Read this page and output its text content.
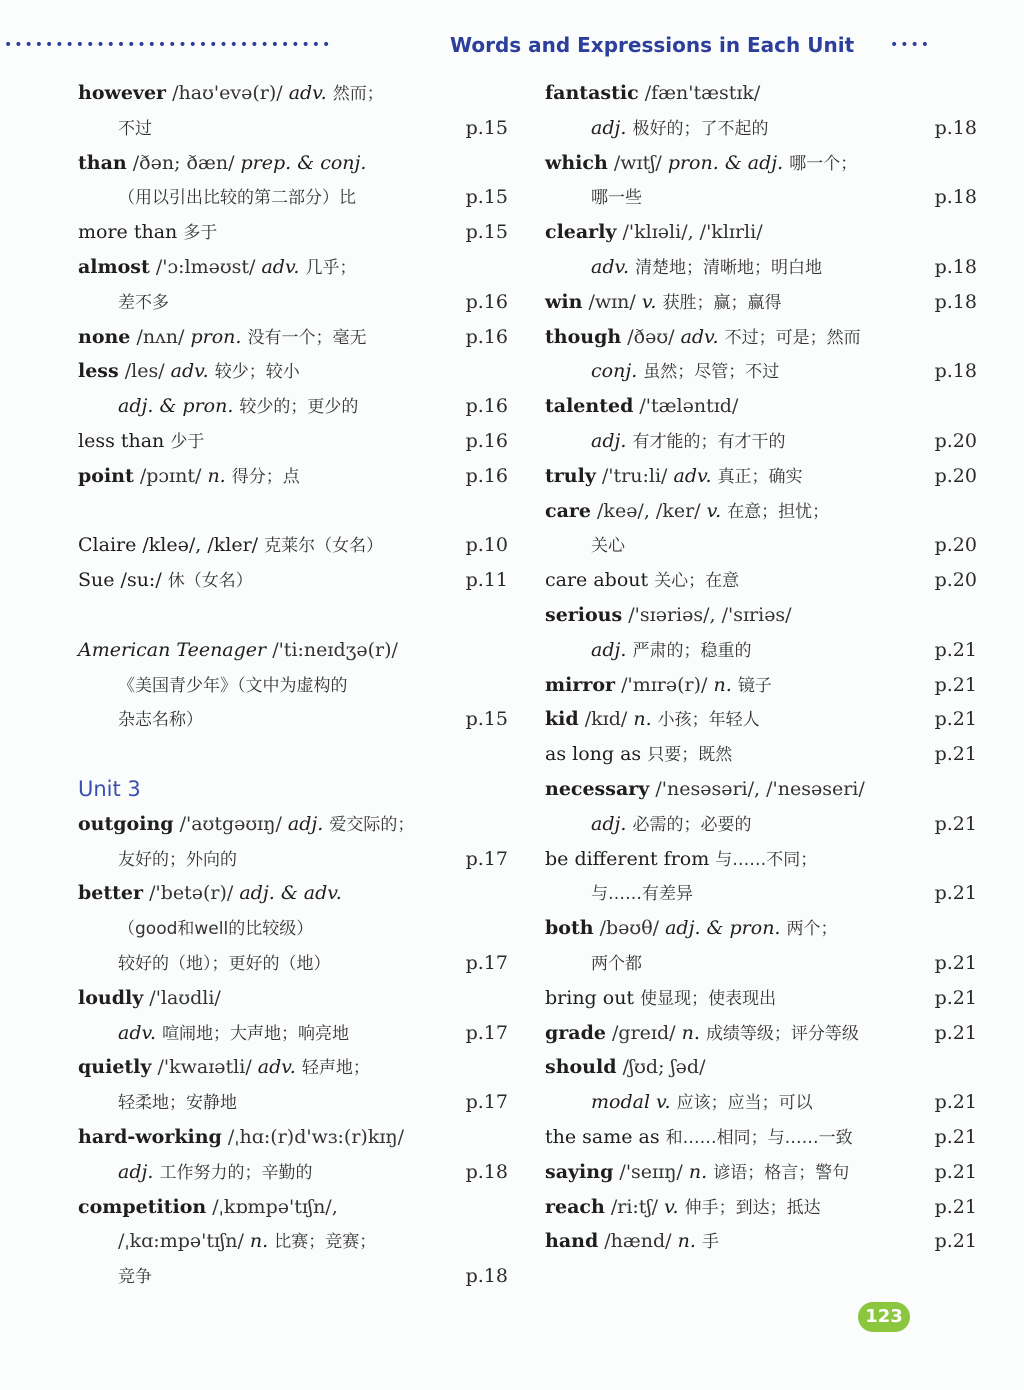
••••••••••••••••••••••••••••••••	Words and Expressions in Each Unit	••••
however /haʊ'evə(r)/ adv. 然而；
不过	p.15
than /ðən; ðæn/ prep. & conj.
（用以引出比较的第二部分）比	p.15
more than 多于	p.15
almost /'ɔ:lməʊst/ adv. 几乎；
差不多	p.16
none /nʌn/ pron. 没有一个；毫无	p.16
less /les/ adv. 较少；较小
adj. & pron. 较少的；更少的	p.16
less than 少于	p.16
point /pɔɪnt/ n. 得分；点	p.16
Claire /kleə/, /kler/ 克莱尔（女名）	p.10
Sue /su:/ 休（女名）	p.11
American Teenager /'ti:neɪdʒə(r)/
《美国青少年》（文中为虚构的
杂志名称）	p.15
Unit 3
outgoing /'aʊtgəʊɪŋ/ adj. 爱交际的；
友好的；外向的	p.17
better /'betə(r)/ adj. & adv.
（good和well的比较级）
较好的（地）；更好的（地）	p.17
loudly /'laʊdli/
adv. 喧闹地；大声地；响亮地	p.17
quietly /'kwaɪətli/ adv. 轻声地；
轻柔地；安静地	p.17
hard-working /ˌhɑ:(r)d'wɜ:(r)kɪŋ/
adj. 工作努力的；辛勤的	p.18
competition /ˌkɒmpə'tɪʃn/,
/ˌkɑ:mpə'tɪʃn/ n. 比赛；竞赛；
竞争	p.18
fantastic /fæn'tæstɪk/
adj. 极好的；了不起的	p.18
which /wɪtʃ/ pron. & adj. 哪一个；
哪一些	p.18
clearly /'klɪəli/, /'klɪrli/
adv. 清楚地；清晰地；明白地	p.18
win /wɪn/ v. 获胜；赢；赢得	p.18
though /ðəʊ/ adv. 不过；可是；然而
conj. 虽然；尽管；不过	p.18
talented /'tæləntɪd/
adj. 有才能的；有才干的	p.20
truly /'tru:li/ adv. 真正；确实	p.20
care /keə/, /ker/ v. 在意；担忧；
关心	p.20
care about 关心；在意	p.20
serious /'sɪəriəs/, /'sɪriəs/
adj. 严肃的；稳重的	p.21
mirror /'mɪrə(r)/ n. 镜子	p.21
kid /kɪd/ n. 小孩；年轻人	p.21
as long as 只要；既然	p.21
necessary /'nesəsəri/, /'nesəseri/
adj. 必需的；必要的	p.21
be different from 与……不同；
与……有差异	p.21
both /bəʊθ/ adj. & pron. 两个；
两个都	p.21
bring out 使显现；使表现出	p.21
grade /greɪd/ n. 成绩等级；评分等级	p.21
should /ʃʊd; ʃəd/
modal v. 应该；应当；可以	p.21
the same as 和……相同；与……一致	p.21
saying /'seɪɪŋ/ n. 谚语；格言；警句	p.21
reach /ri:tʃ/ v. 伸手；到达；抵达	p.21
hand /hænd/ n. 手	p.21
123
